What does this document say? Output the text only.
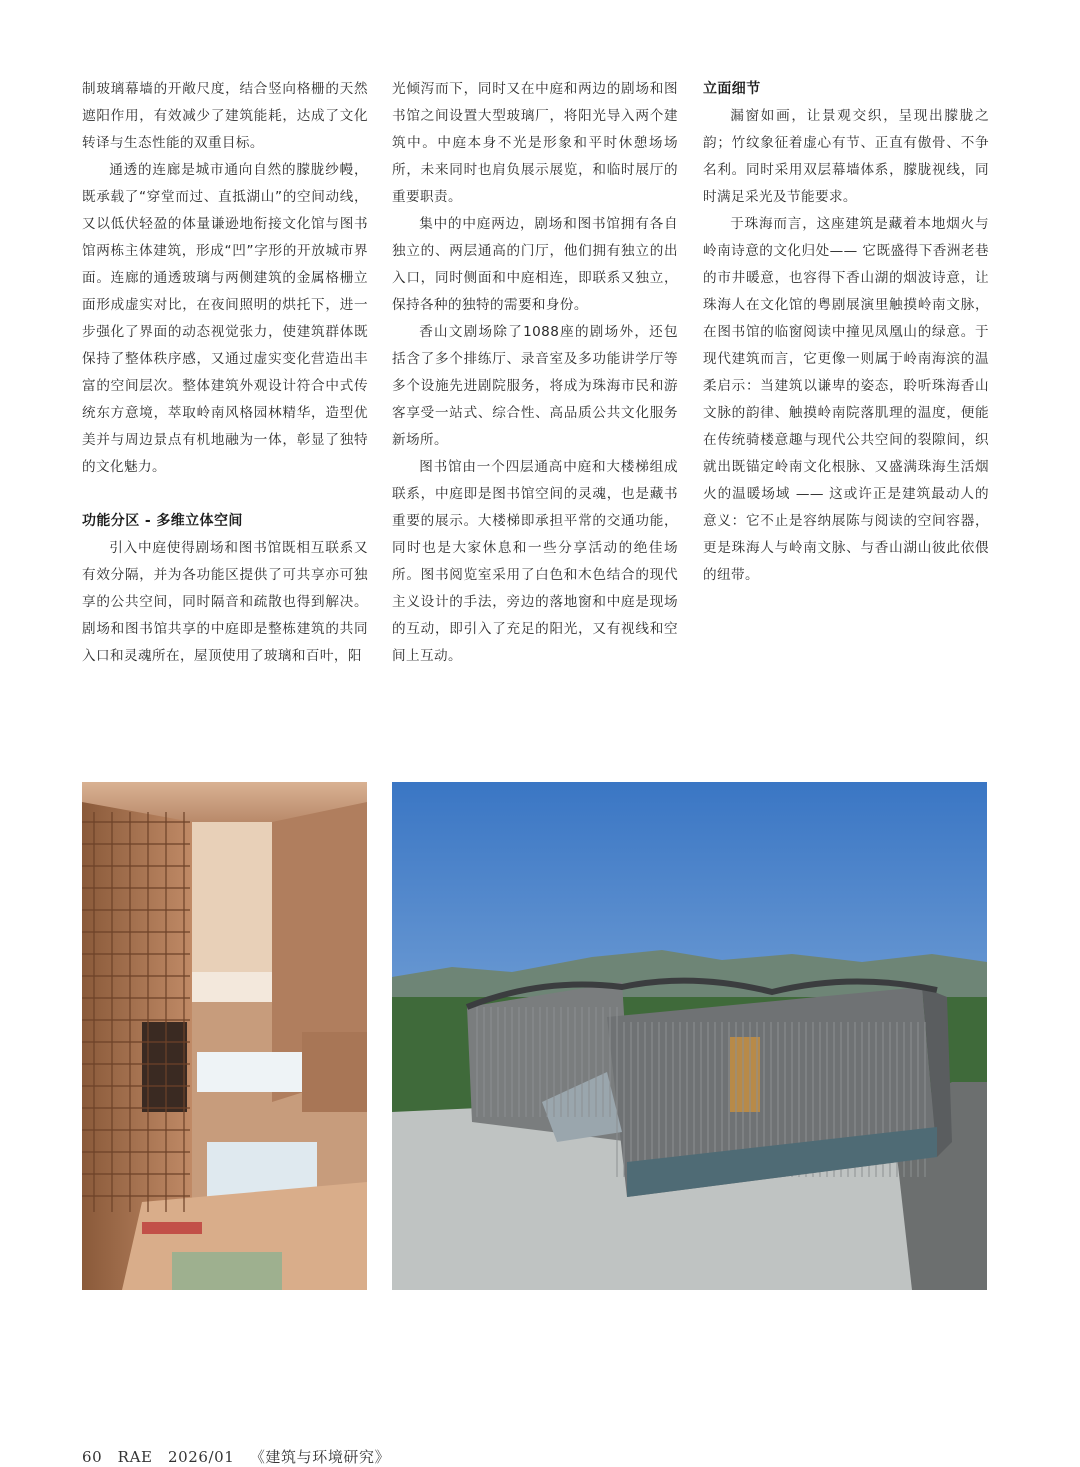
制玻璃幕墙的开敞尺度，结合竖向格栅的天然遮阳作用，有效减少了建筑能耗，达成了文化转译与生态性能的双重目标。

通透的连廊是城市通向自然的朦胧纱幔，既承载了“穿堂而过、直抵湖山”的空间动线，又以低伏轻盈的体量谦逊地衔接文化馆与图书馆两栋主体建筑，形成“凹”字形的开放城市界面。连廊的通透玻璃与两侧建筑的金属格栅立面形成虚实对比，在夜间照明的烘托下，进一步强化了界面的动态视觉张力，使建筑群体既保持了整体秩序感，又通过虚实变化营造出丰富的空间层次。整体建筑外观设计符合中式传统东方意境，萃取岭南风格园林精华，造型优美并与周边景点有机地融为一体，彰显了独特的文化魅力。

功能分区 - 多维立体空间

引入中庭使得剧场和图书馆既相互联系又有效分隔，并为各功能区提供了可共享亦可独享的公共空间，同时隔音和疏散也得到解决。剧场和图书馆共享的中庭即是整栋建筑的共同入口和灵魂所在，屋顶使用了玻璃和百叶，阳

光倾泻而下，同时又在中庭和两边的剧场和图书馆之间设置大型玻璃厂，将阳光导入两个建筑中。中庭本身不光是形象和平时休憩场场所，未来同时也肩负展示展览，和临时展厅的重要职责。

集中的中庭两边，剧场和图书馆拥有各自独立的、两层通高的门厅，他们拥有独立的出入口，同时侧面和中庭相连，即联系又独立，保持各种的独特的需要和身份。

香山文剧场除了1088座的剧场外，还包括含了多个排练厅、录音室及多功能讲学厅等多个设施先进剧院服务，将成为珠海市民和游客享受一站式、综合性、高品质公共文化服务新场所。

图书馆由一个四层通高中庭和大楼梯组成联系，中庭即是图书馆空间的灵魂，也是藏书重要的展示。大楼梯即承担平常的交通功能，同时也是大家休息和一些分享活动的绝佳场所。图书阅览室采用了白色和木色结合的现代主义设计的手法，旁边的落地窗和中庭是现场的互动，即引入了充足的阳光，又有视线和空间上互动。

立面细节

漏窗如画，让景观交织，呈现出朦胧之韵；竹纹象征着虚心有节、正直有傲骨、不争名利。同时采用双层幕墙体系，朦胧视线，同时满足采光及节能要求。

于珠海而言，这座建筑是藏着本地烟火与岭南诗意的文化归处—— 它既盛得下香洲老巷的市井暖意，也容得下香山湖的烟波诗意，让珠海人在文化馆的粤剧展演里触摸岭南文脉，在图书馆的临窗阅读中撞见凤凰山的绿意。于现代建筑而言，它更像一则属于岭南海滨的温柔启示：当建筑以谦卑的姿态，聆听珠海香山文脉的韵律、触摸岭南院落肌理的温度，便能在传统骑楼意趣与现代公共空间的裂隙间，织就出既锚定岭南文化根脉、又盛满珠海生活烟火的温暖场域 —— 这或许正是建筑最动人的意义：它不止是容纳展陈与阅读的空间容器，更是珠海人与岭南文脉、与香山湖山彼此依偎的纽带。

60 RAE 2026/01 《建筑与环境研究》
